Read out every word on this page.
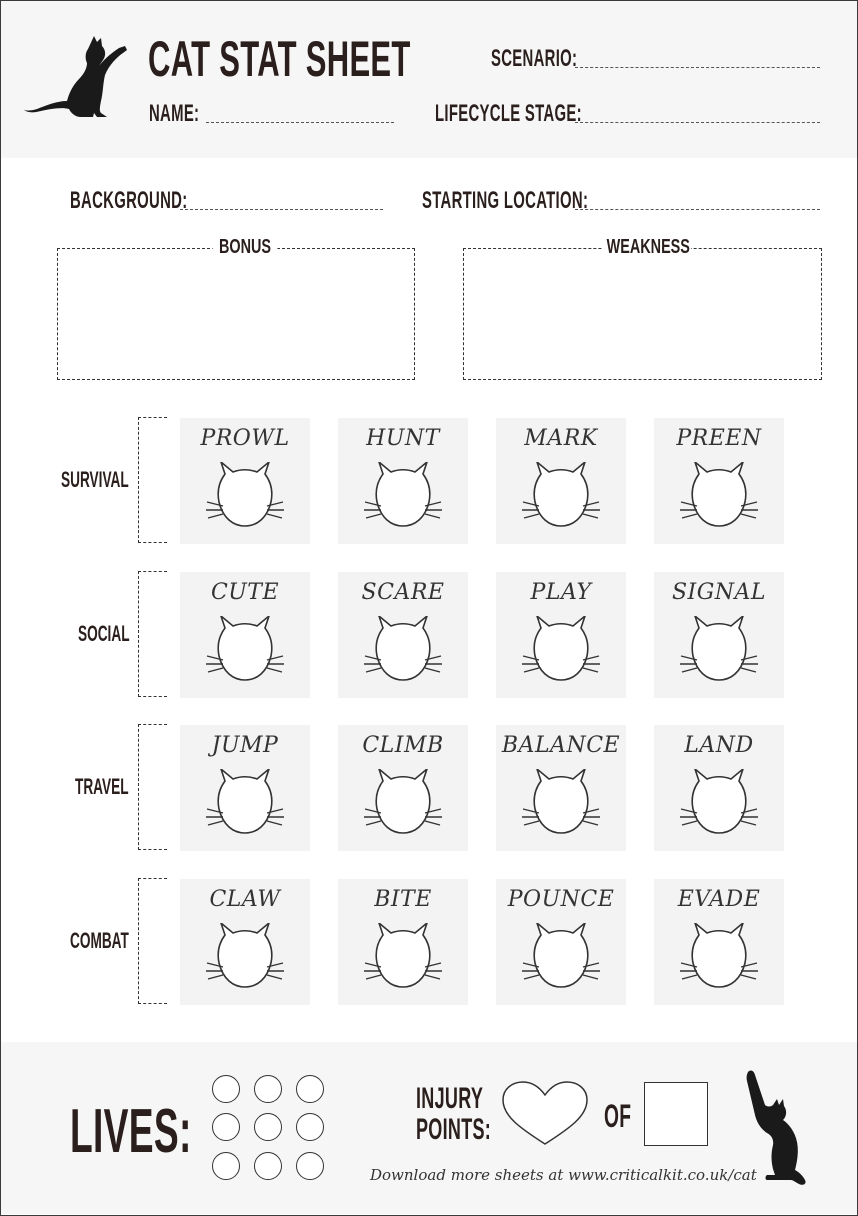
CAT STAT SHEET
NAME:
SCENARIO:
LIFECYCLE STAGE:
BACKGROUND:	STARTING LOCATION:
BONUS	WEAKNESS
SURVIVAL
PROWL	HUNT	MARK	PREEN
SOCIAL
CUTE	SCARE	PLAY	SIGNAL
TRAVEL
JUMP	CLIMB	BALANCE	LAND
COMBAT
CLAW	BITE	POUNCE	EVADE
LIVES:	INJURY
POINTS:	OF
Download more sheets at www.criticalkit.co.uk/cat
